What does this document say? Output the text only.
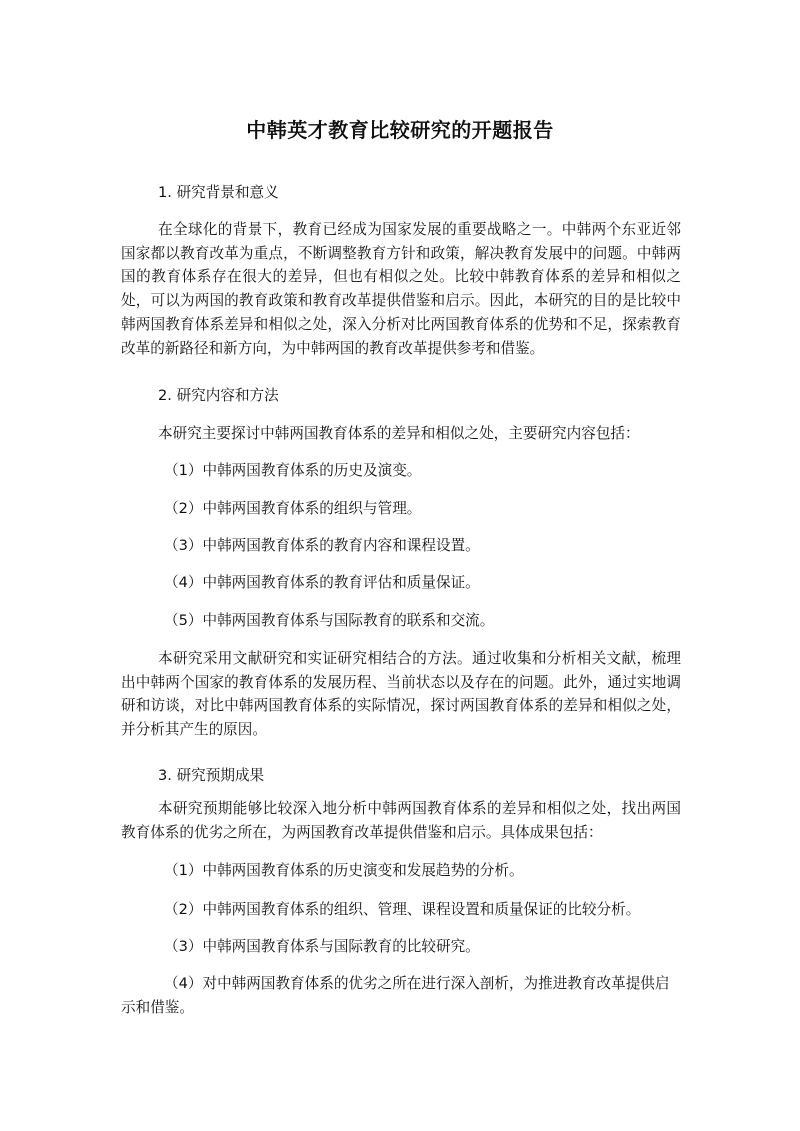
中韩英才教育比较研究的开题报告
1. 研究背景和意义
在全球化的背景下，教育已经成为国家发展的重要战略之一。中韩两个东亚近邻国家都以教育改革为重点，不断调整教育方针和政策，解决教育发展中的问题。中韩两国的教育体系存在很大的差异，但也有相似之处。比较中韩教育体系的差异和相似之处，可以为两国的教育政策和教育改革提供借鉴和启示。因此，本研究的目的是比较中韩两国教育体系差异和相似之处，深入分析对比两国教育体系的优势和不足，探索教育改革的新路径和新方向，为中韩两国的教育改革提供参考和借鉴。
2. 研究内容和方法
本研究主要探讨中韩两国教育体系的差异和相似之处，主要研究内容包括：
（1）中韩两国教育体系的历史及演变。
（2）中韩两国教育体系的组织与管理。
（3）中韩两国教育体系的教育内容和课程设置。
（4）中韩两国教育体系的教育评估和质量保证。
（5）中韩两国教育体系与国际教育的联系和交流。
本研究采用文献研究和实证研究相结合的方法。通过收集和分析相关文献，梳理出中韩两个国家的教育体系的发展历程、当前状态以及存在的问题。此外，通过实地调研和访谈，对比中韩两国教育体系的实际情况，探讨两国教育体系的差异和相似之处，并分析其产生的原因。
3. 研究预期成果
本研究预期能够比较深入地分析中韩两国教育体系的差异和相似之处，找出两国教育体系的优劣之所在，为两国教育改革提供借鉴和启示。具体成果包括：
（1）中韩两国教育体系的历史演变和发展趋势的分析。
（2）中韩两国教育体系的组织、管理、课程设置和质量保证的比较分析。
（3）中韩两国教育体系与国际教育的比较研究。
（4）对中韩两国教育体系的优劣之所在进行深入剖析，为推进教育改革提供启示和借鉴。
